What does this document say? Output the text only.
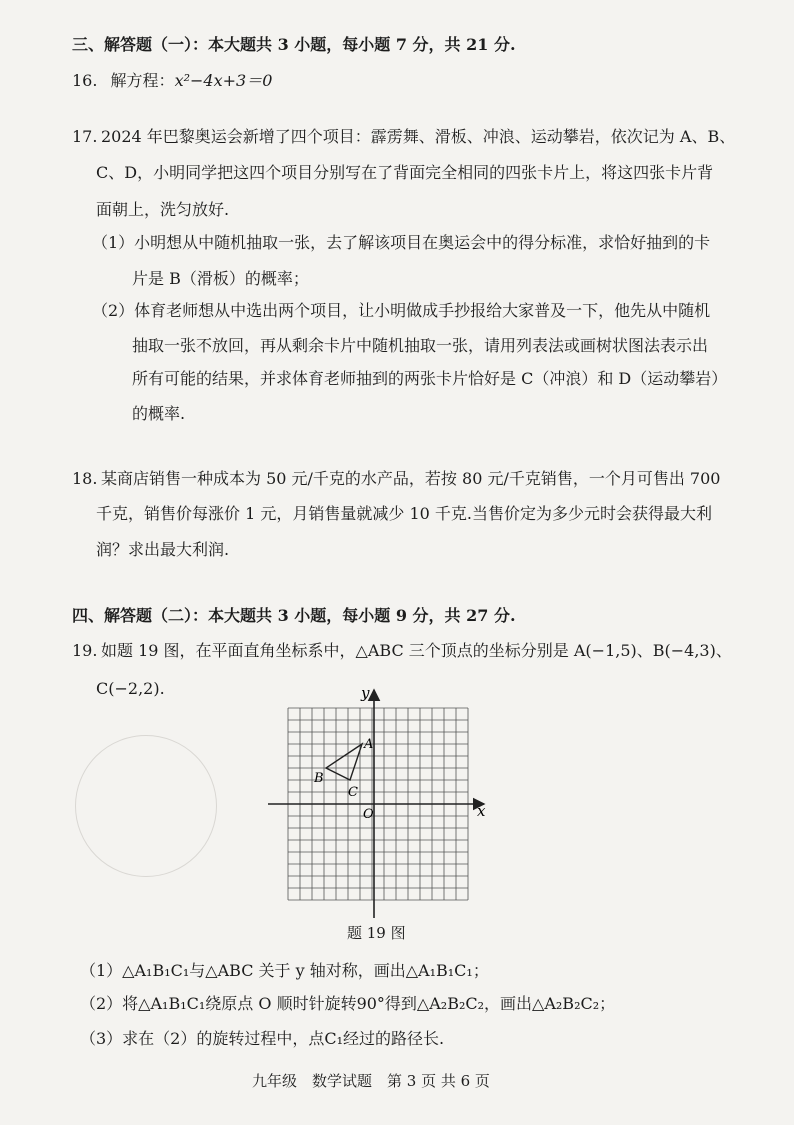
三、解答题（一）：本大题共 3 小题，每小题 7 分，共 21 分.
16. 解方程：x²−4x+3＝0
17. 2024 年巴黎奥运会新增了四个项目：霹雳舞、滑板、冲浪、运动攀岩，依次记为 A、B、
C、D，小明同学把这四个项目分别写在了背面完全相同的四张卡片上，将这四张卡片背
面朝上，洗匀放好.
（1）小明想从中随机抽取一张，去了解该项目在奥运会中的得分标准，求恰好抽到的卡
片是 B（滑板）的概率；
（2）体育老师想从中选出两个项目，让小明做成手抄报给大家普及一下，他先从中随机
抽取一张不放回，再从剩余卡片中随机抽取一张，请用列表法或画树状图法表示出
所有可能的结果，并求体育老师抽到的两张卡片恰好是 C（冲浪）和 D（运动攀岩）
的概率.
18. 某商店销售一种成本为 50 元/千克的水产品，若按 80 元/千克销售，一个月可售出 700
千克，销售价每涨价 1 元，月销售量就减少 10 千克.当售价定为多少元时会获得最大利
润？求出最大利润.
四、解答题（二）：本大题共 3 小题，每小题 9 分，共 27 分.
19. 如题 19 图，在平面直角坐标系中，△ABC 三个顶点的坐标分别是 A(−1,5)、B(−4,3)、
C(−2,2).
x
y
O
A
B
C
题 19 图
（1）△A₁B₁C₁与△ABC 关于 y 轴对称，画出△A₁B₁C₁；
（2）将△A₁B₁C₁绕原点 O 顺时针旋转90°得到△A₂B₂C₂，画出△A₂B₂C₂；
（3）求在（2）的旋转过程中，点C₁经过的路径长.
九年级　数学试题　第 3 页 共 6 页
